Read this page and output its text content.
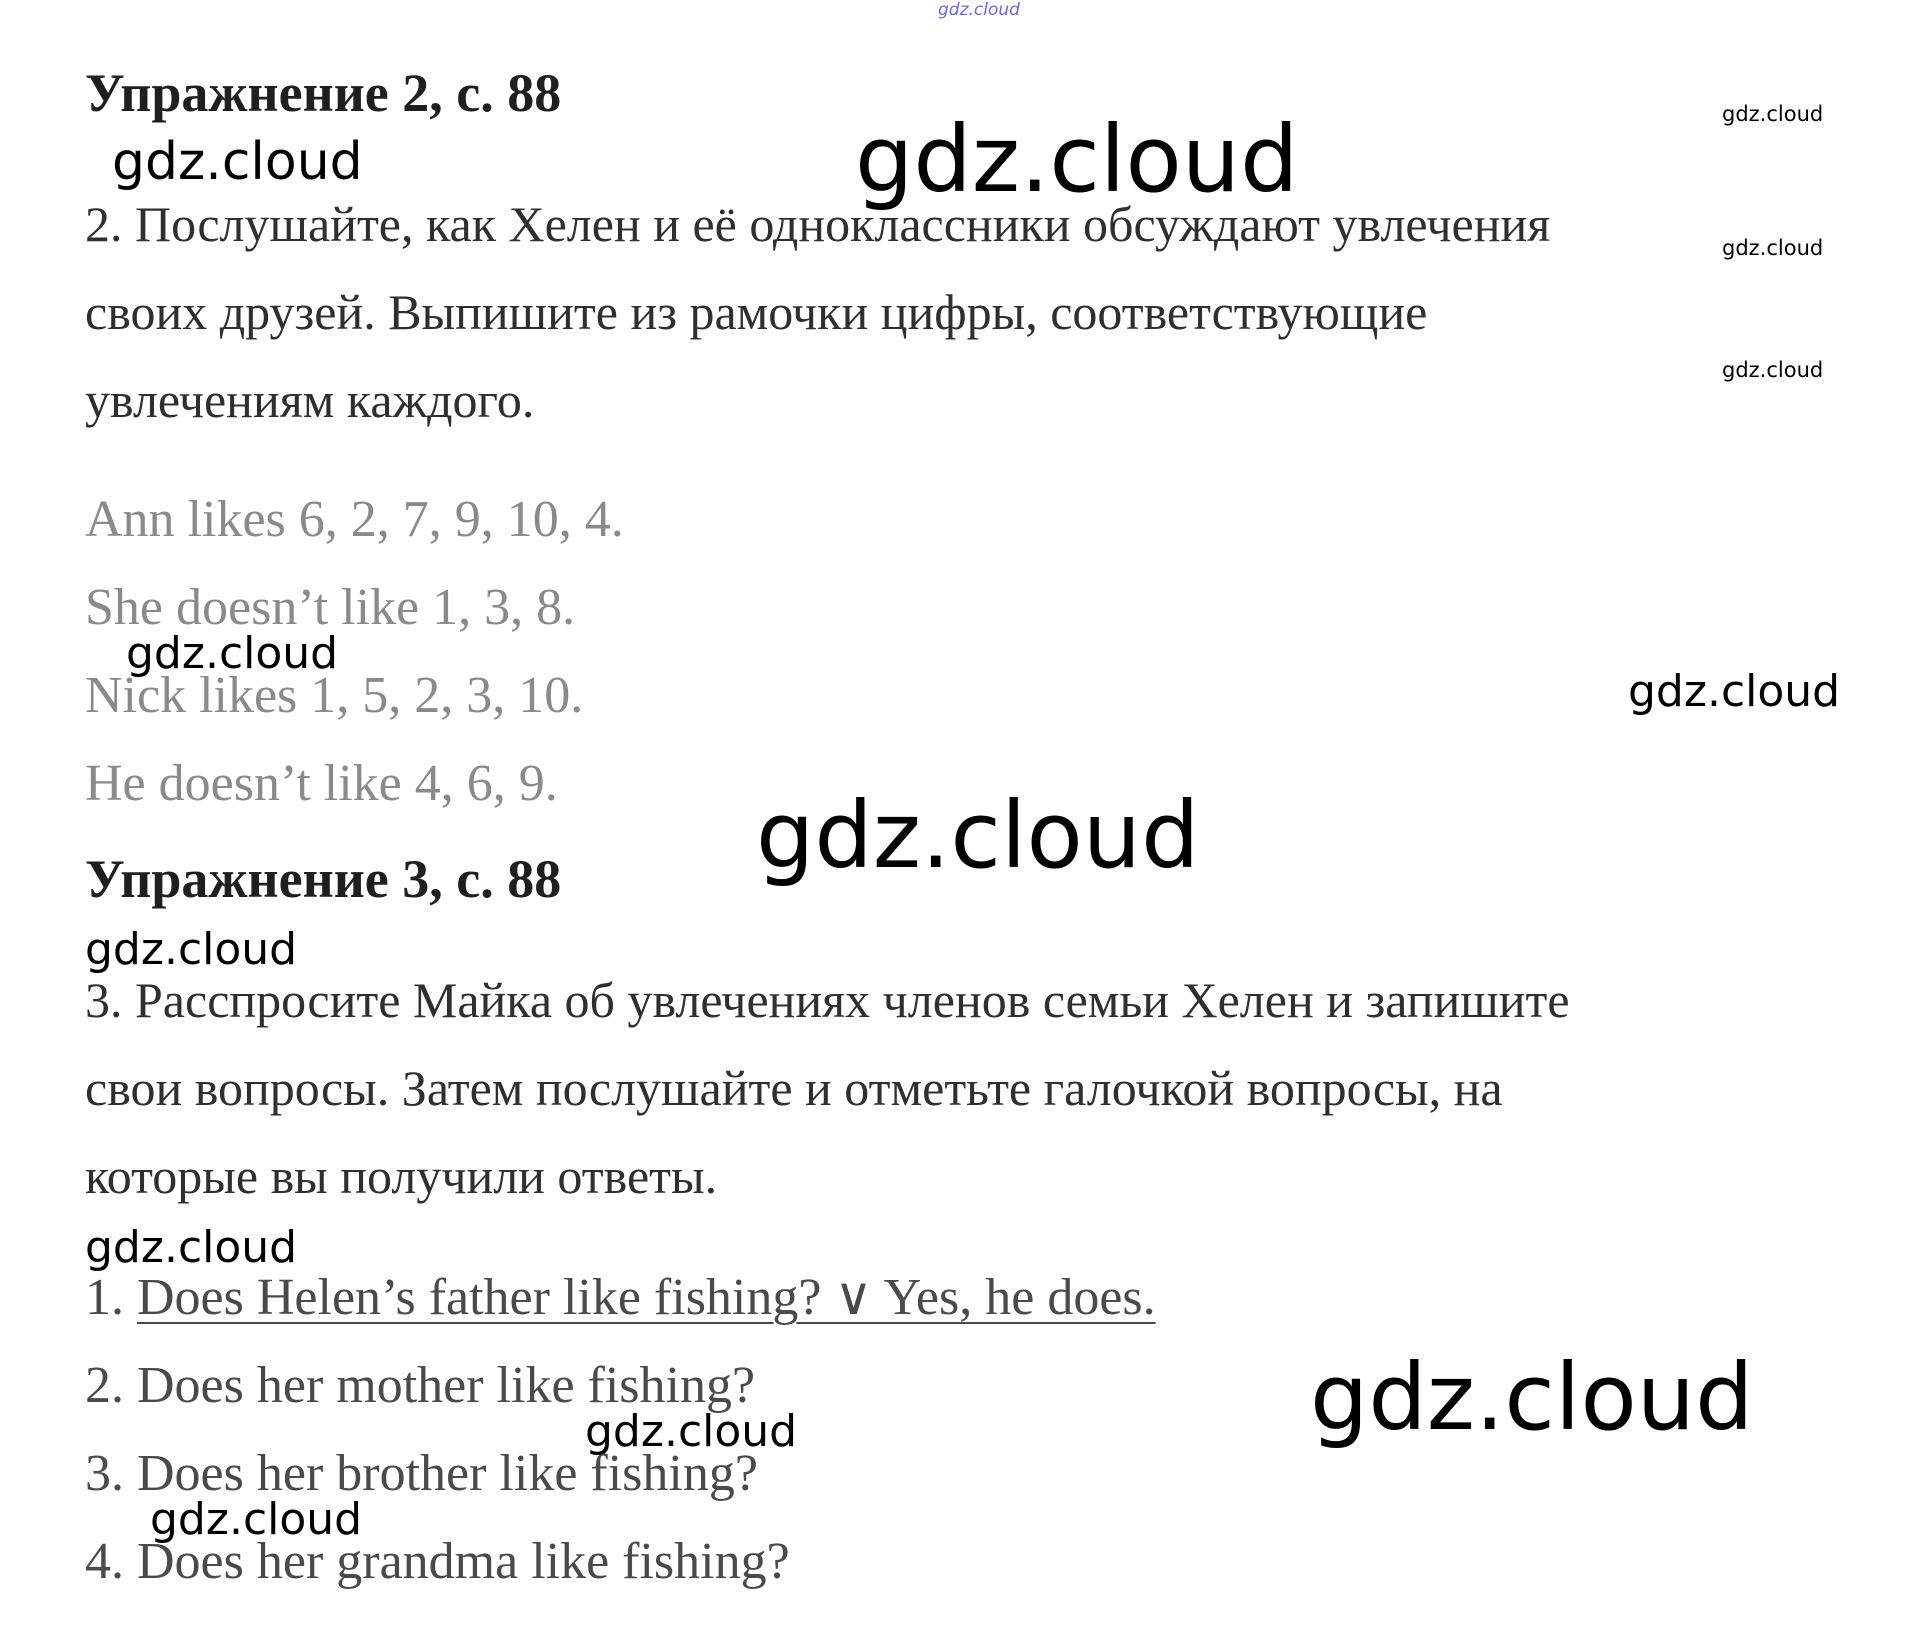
Упражнение 2, с. 88

2. Послушайте, как Хелен и её одноклассники обсуждают увлечения

своих друзей. Выпишите из рамочки цифры, соответствующие

увлечениям каждого.

Ann likes 6, 2, 7, 9, 10, 4.

She doesn’t like 1, 3, 8.

Nick likes 1, 5, 2, 3, 10.

He doesn’t like 4, 6, 9.

Упражнение 3, с. 88

3. Расспросите Майка об увлечениях членов семьи Хелен и запишите

свои вопросы. Затем послушайте и отметьте галочкой вопросы, на

которые вы получили ответы.

1. Does Helen’s father like fishing? ∨ Yes, he does.

2. Does her mother like fishing?

3. Does her brother like fishing?

4. Does her grandma like fishing?

gdz.cloud
gdz.cloud
gdz.cloud	gdz.cloud
gdz.cloud
gdz.cloud
gdz.cloud
gdz.cloud
gdz.cloud
gdz.cloud
gdz.cloud
gdz.cloud
gdz.cloud
gdz.cloud
